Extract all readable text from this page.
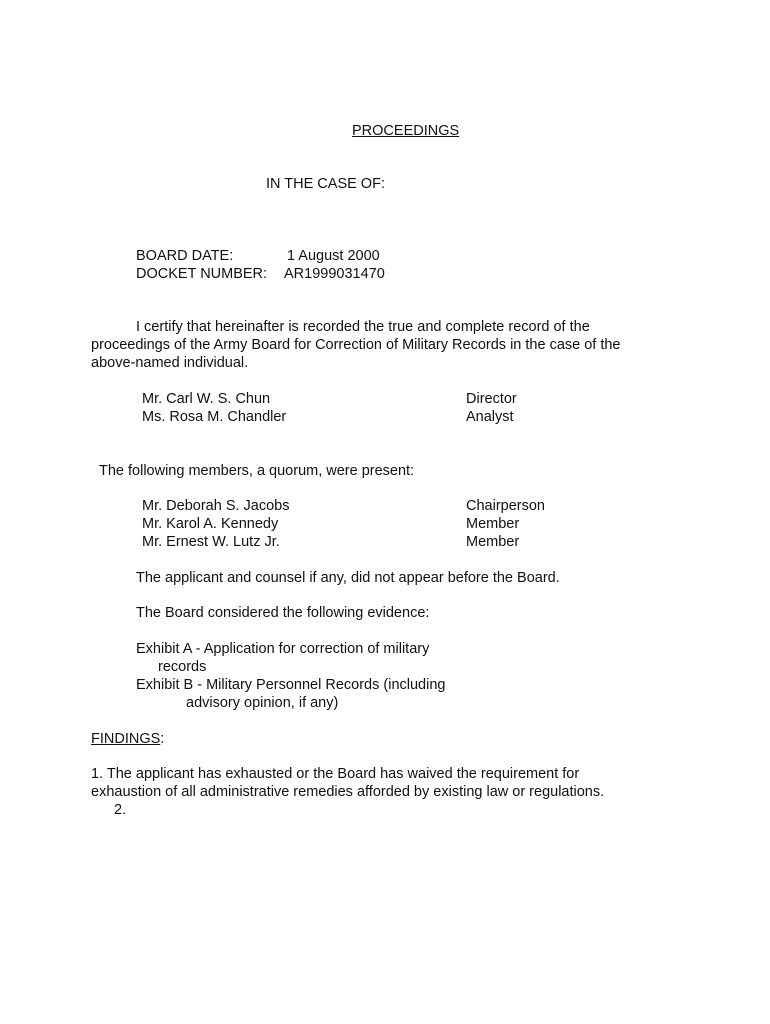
PROCEEDINGS
IN THE CASE OF:
BOARD DATE:	1 August 2000
DOCKET NUMBER: AR1999031470
I certify that hereinafter is recorded the true and complete record of the
proceedings of the Army Board for Correction of Military Records in the case of the
above-named individual.
Mr. Carl W. S. Chun	Director
Ms. Rosa M. Chandler	Analyst
The following members, a quorum, were present:
Mr. Deborah S. Jacobs	Chairperson
Mr. Karol A. Kennedy	Member
Mr. Ernest W. Lutz Jr.	Member
The applicant and counsel if any, did not appear before the Board.
The Board considered the following evidence:
Exhibit A - Application for correction of military
records
Exhibit B - Military Personnel Records (including
advisory opinion, if any)
FINDINGS:
1. The applicant has exhausted or the Board has waived the requirement for
exhaustion of all administrative remedies afforded by existing law or regulations.
2.
